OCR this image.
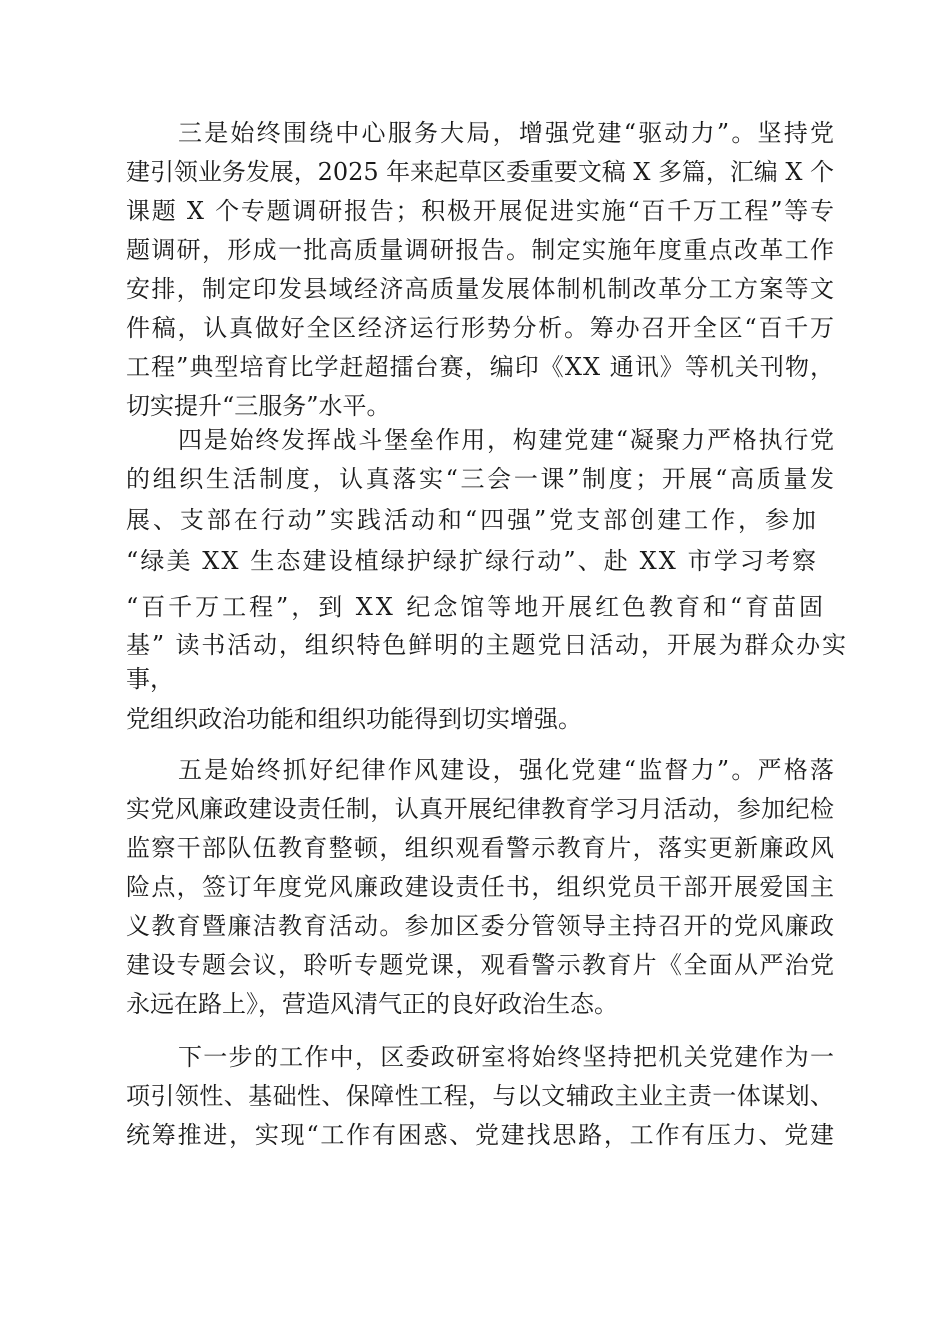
三是始终围绕中心服务大局，增强党建“驱动力”。坚持党
建引领业务发展，2025 年来起草区委重要文稿 X 多篇，汇编 X 个
课题 X 个专题调研报告；积极开展促进实施“百千万工程”等专
题调研，形成一批高质量调研报告。制定实施年度重点改革工作
安排，制定印发县域经济高质量发展体制机制改革分工方案等文
件稿，认真做好全区经济运行形势分析。筹办召开全区“百千万
工程”典型培育比学赶超擂台赛，编印《XX 通讯》等机关刊物，
切实提升“三服务”水平。
四是始终发挥战斗堡垒作用，构建党建“凝聚力严格执行党
的组织生活制度，认真落实“三会一课”制度；开展“高质量发
展、支部在行动”实践活动和“四强”党支部创建工作，参加
“绿美 XX 生态建设植绿护绿扩绿行动”、赴 XX 市学习考察
“百千万工程”，到 XX 纪念馆等地开展红色教育和“育苗固
基” 读书活动，组织特色鲜明的主题党日活动，开展为群众办实
事，
党组织政治功能和组织功能得到切实增强。
五是始终抓好纪律作风建设，强化党建“监督力”。严格落
实党风廉政建设责任制，认真开展纪律教育学习月活动，参加纪检
监察干部队伍教育整顿，组织观看警示教育片，落实更新廉政风
险点，签订年度党风廉政建设责任书，组织党员干部开展爱国主
义教育暨廉洁教育活动。参加区委分管领导主持召开的党风廉政
建设专题会议，聆听专题党课，观看警示教育片《全面从严治党
永远在路上》，营造风清气正的良好政治生态。
下一步的工作中，区委政研室将始终坚持把机关党建作为一
项引领性、基础性、保障性工程，与以文辅政主业主责一体谋划、
统筹推进，实现“工作有困惑、党建找思路，工作有压力、党建
